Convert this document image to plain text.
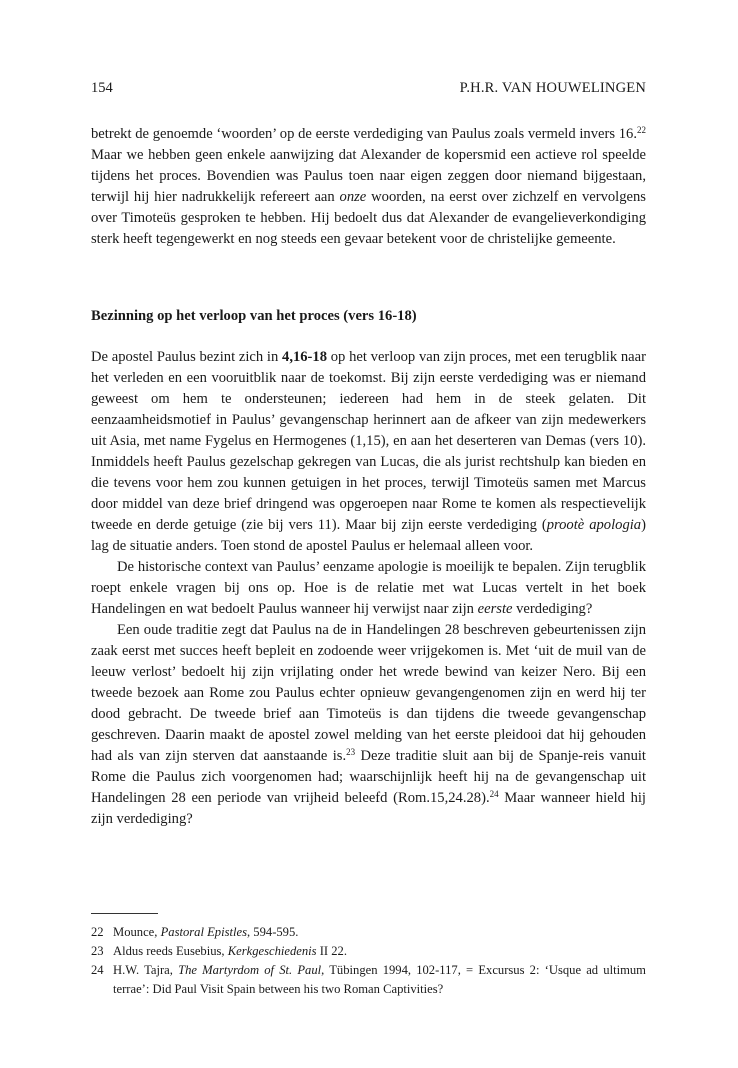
154	P.H.R. VAN HOUWELINGEN

betrekt de genoemde ‘woorden’ op de eerste verdediging van Paulus zoals vermeld invers 16.22 Maar we hebben geen enkele aanwijzing dat Alexander de kopersmid een actieve rol speelde tijdens het proces. Bovendien was Paulus toen naar eigen zeggen door niemand bijgestaan, terwijl hij hier nadrukkelijk refereert aan onze woorden, na eerst over zichzelf en vervolgens over Timoteüs gesproken te hebben. Hij bedoelt dus dat Alexander de evangelieverkondiging sterk heeft tegengewerkt en nog steeds een gevaar betekent voor de christelijke gemeente.

Bezinning op het verloop van het proces (vers 16-18)

De apostel Paulus bezint zich in 4,16-18 op het verloop van zijn proces, met een terugblik naar het verleden en een vooruitblik naar de toekomst. Bij zijn eerste verdediging was er niemand geweest om hem te ondersteunen; iedereen had hem in de steek gelaten. Dit eenzaamheidsmotief in Paulus’ gevangenschap herinnert aan de afkeer van zijn medewerkers uit Asia, met name Fygelus en Hermogenes (1,15), en aan het deserteren van Demas (vers 10). Inmiddels heeft Paulus gezelschap gekregen van Lucas, die als jurist rechtshulp kan bieden en die tevens voor hem zou kunnen getuigen in het proces, terwijl Timoteüs samen met Marcus door middel van deze brief dringend was opgeroepen naar Rome te komen als respectievelijk tweede en derde getuige (zie bij vers 11). Maar bij zijn eerste verdediging (prootè apologia) lag de situatie anders. Toen stond de apostel Paulus er helemaal alleen voor.

De historische context van Paulus’ eenzame apologie is moeilijk te bepalen. Zijn terugblik roept enkele vragen bij ons op. Hoe is de relatie met wat Lucas vertelt in het boek Handelingen en wat bedoelt Paulus wanneer hij verwijst naar zijn eerste verdediging?

Een oude traditie zegt dat Paulus na de in Handelingen 28 beschreven gebeurtenissen zijn zaak eerst met succes heeft bepleit en zodoende weer vrijgekomen is. Met ‘uit de muil van de leeuw verlost’ bedoelt hij zijn vrijlating onder het wrede bewind van keizer Nero. Bij een tweede bezoek aan Rome zou Paulus echter opnieuw gevangengenomen zijn en werd hij ter dood gebracht. De tweede brief aan Timoteüs is dan tijdens die tweede gevangenschap geschreven. Daarin maakt de apostel zowel melding van het eerste pleidooi dat hij gehouden had als van zijn sterven dat aanstaande is.$^{23}$ Deze traditie sluit aan bij de Spanje-reis vanuit Rome die Paulus zich voorgenomen had; waarschijnlijk heeft hij na de gevangenschap uit Handelingen 28 een periode van vrijheid beleefd (Rom.15,24.28).$^{24}$ Maar wanneer hield hij zijn verdediging?

22 Mounce, Pastoral Epistles, 594-595.
23 Aldus reeds Eusebius, Kerkgeschiedenis II 22.
24 H.W. Tajra, The Martyrdom of St. Paul, Tübingen 1994, 102-117, = Excursus 2: ‘Usque ad ultimum terrae’: Did Paul Visit Spain between his two Roman Captivities?
